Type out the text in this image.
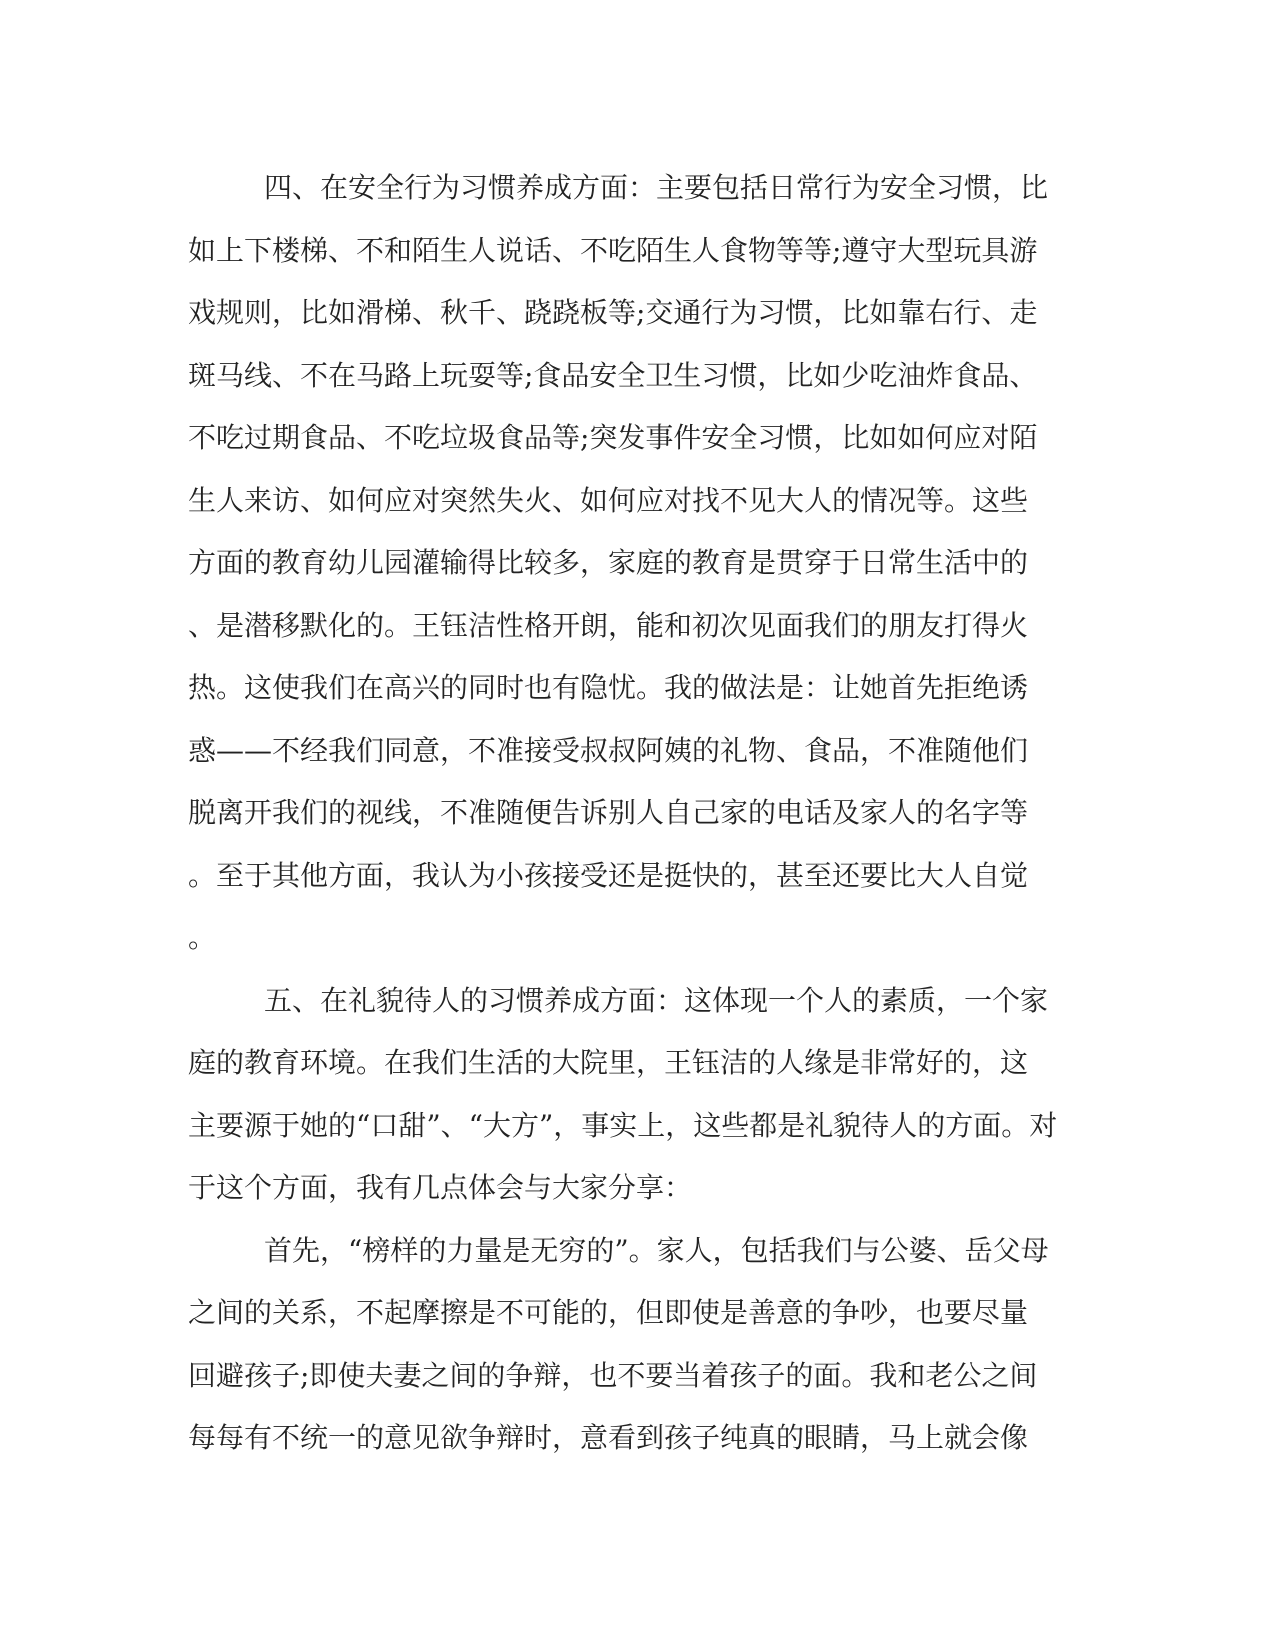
四、在安全行为习惯养成方面：主要包括日常行为安全习惯，比
如上下楼梯、不和陌生人说话、不吃陌生人食物等等;遵守大型玩具游
戏规则，比如滑梯、秋千、跷跷板等;交通行为习惯，比如靠右行、走
斑马线、不在马路上玩耍等;食品安全卫生习惯，比如少吃油炸食品、
不吃过期食品、不吃垃圾食品等;突发事件安全习惯，比如如何应对陌
生人来访、如何应对突然失火、如何应对找不见大人的情况等。这些
方面的教育幼儿园灌输得比较多，家庭的教育是贯穿于日常生活中的
、是潜移默化的。王钰洁性格开朗，能和初次见面我们的朋友打得火
热。这使我们在高兴的同时也有隐忧。我的做法是：让她首先拒绝诱
惑——不经我们同意，不准接受叔叔阿姨的礼物、食品，不准随他们
脱离开我们的视线，不准随便告诉别人自己家的电话及家人的名字等
。至于其他方面，我认为小孩接受还是挺快的，甚至还要比大人自觉
。
五、在礼貌待人的习惯养成方面：这体现一个人的素质，一个家
庭的教育环境。在我们生活的大院里，王钰洁的人缘是非常好的，这
主要源于她的“口甜”、“大方”，事实上，这些都是礼貌待人的方面。对
于这个方面，我有几点体会与大家分享：
首先，“榜样的力量是无穷的”。家人，包括我们与公婆、岳父母
之间的关系，不起摩擦是不可能的，但即使是善意的争吵，也要尽量
回避孩子;即使夫妻之间的争辩，也不要当着孩子的面。我和老公之间
每每有不统一的意见欲争辩时，意看到孩子纯真的眼睛，马上就会像
